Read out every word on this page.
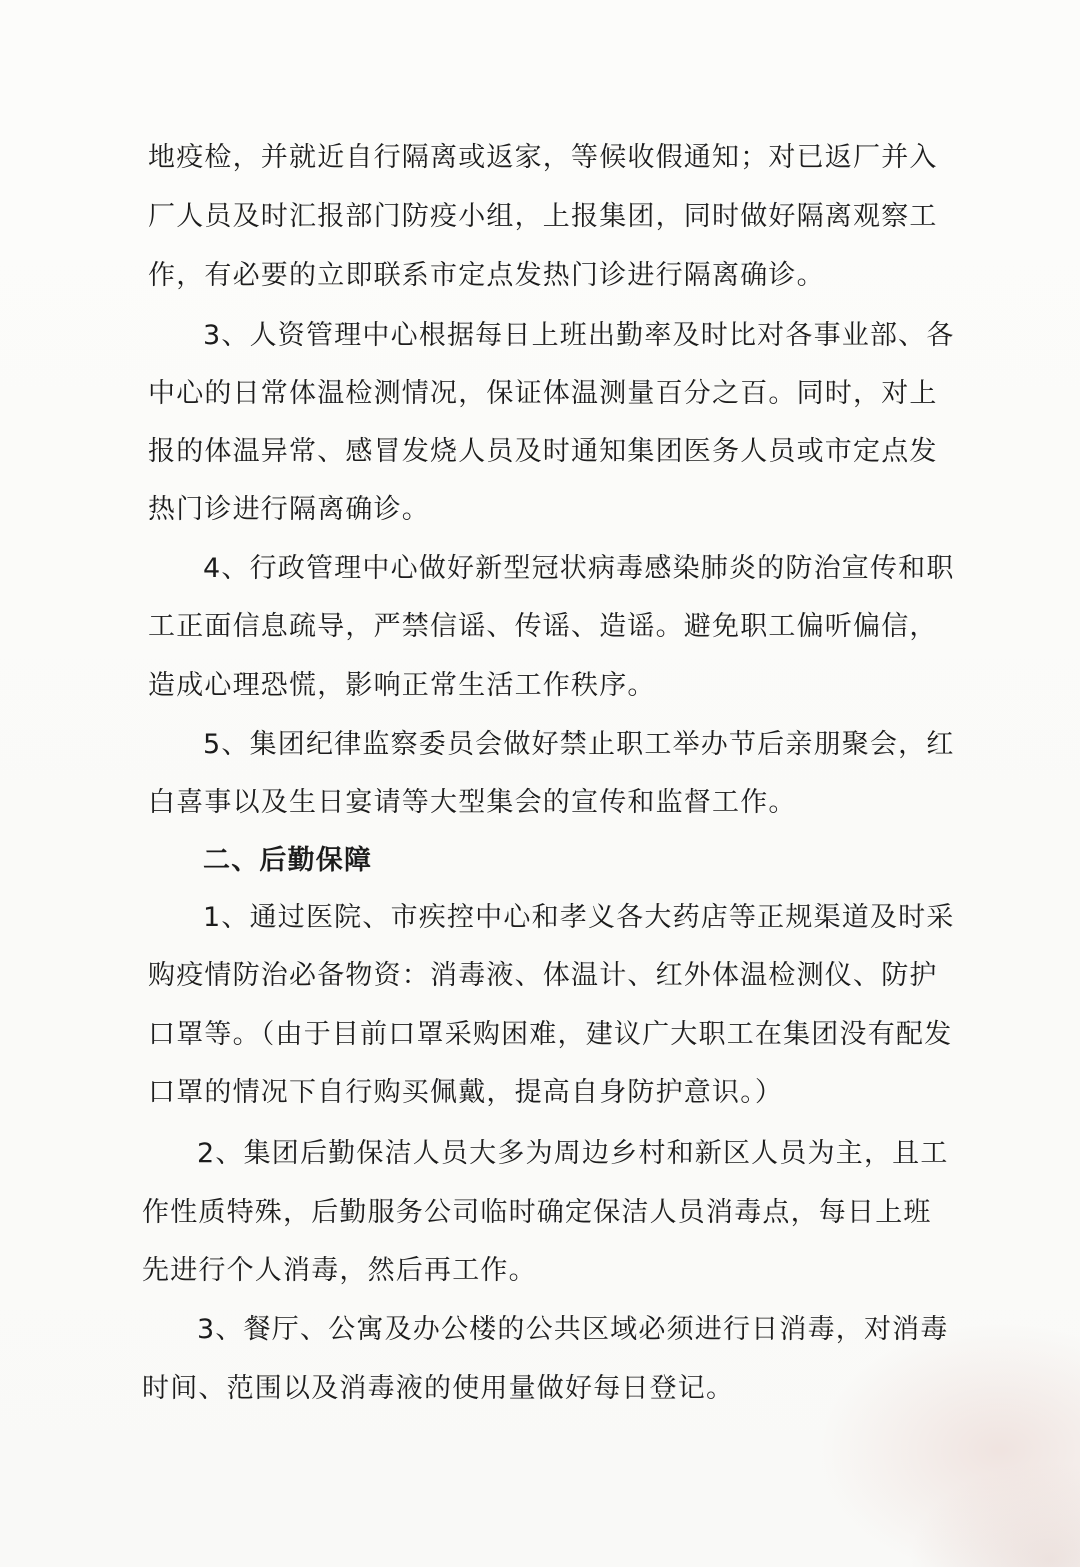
地疫检，并就近自行隔离或返家，等候收假通知；对已返厂并入
厂人员及时汇报部门防疫小组，上报集团，同时做好隔离观察工
作，有必要的立即联系市定点发热门诊进行隔离确诊。
3、人资管理中心根据每日上班出勤率及时比对各事业部、各
中心的日常体温检测情况，保证体温测量百分之百。同时，对上
报的体温异常、感冒发烧人员及时通知集团医务人员或市定点发
热门诊进行隔离确诊。
4、行政管理中心做好新型冠状病毒感染肺炎的防治宣传和职
工正面信息疏导，严禁信谣、传谣、造谣。避免职工偏听偏信，
造成心理恐慌，影响正常生活工作秩序。
5、集团纪律监察委员会做好禁止职工举办节后亲朋聚会，红
白喜事以及生日宴请等大型集会的宣传和监督工作。
二、后勤保障
1、通过医院、市疾控中心和孝义各大药店等正规渠道及时采
购疫情防治必备物资：消毒液、体温计、红外体温检测仪、防护
口罩等。（由于目前口罩采购困难，建议广大职工在集团没有配发
口罩的情况下自行购买佩戴，提高自身防护意识。）
2、集团后勤保洁人员大多为周边乡村和新区人员为主，且工
作性质特殊，后勤服务公司临时确定保洁人员消毒点，每日上班
先进行个人消毒，然后再工作。
3、餐厅、公寓及办公楼的公共区域必须进行日消毒，对消毒
时间、范围以及消毒液的使用量做好每日登记。
